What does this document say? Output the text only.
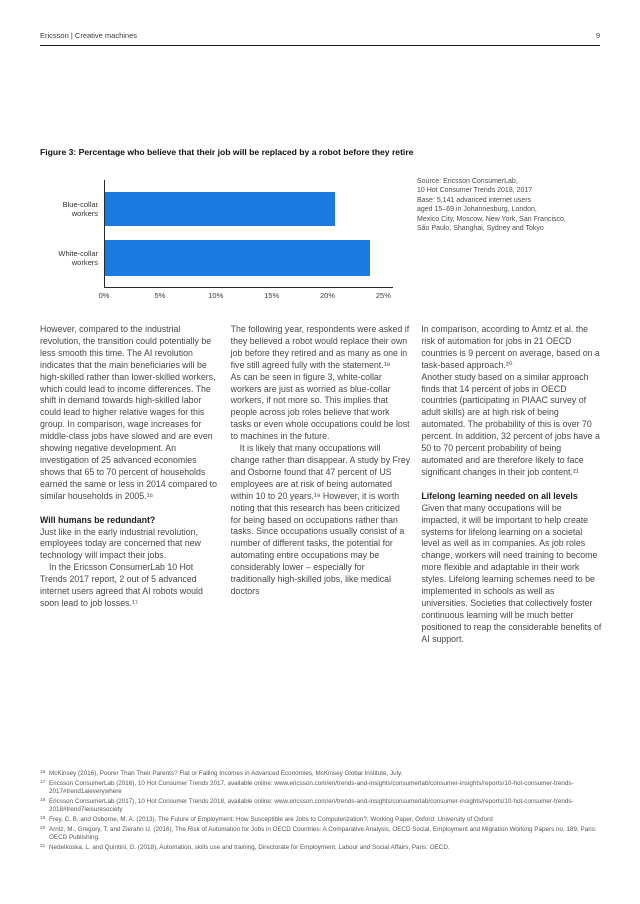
Ericsson | Creative machines	9
Figure 3: Percentage who believe that their job will be replaced by a robot before they retire
Blue-collar workers
White-collar workers
0%	5%	10%	15%	20%	25%
Source: Ericsson ConsumerLab,
10 Hot Consumer Trends 2018, 2017
Base: 5,141 advanced internet users
aged 15–69 in Johannesburg, London,
Mexico City, Moscow, New York, San Francisco,
São Paulo, Shanghai, Sydney and Tokyo

However, compared to the industrial revolution, the transition could potentially be less smooth this time. The AI revolution indicates that the main beneficiaries will be high-skilled rather than lower-skilled workers, which could lead to income differences. The shift in demand towards high-skilled labor could lead to higher relative wages for this group. In comparison, wage increases for middle-class jobs have slowed and are even showing negative development. An investigation of 25 advanced economies shows that 65 to 70 percent of households earned the same or less in 2014 compared to similar households in 2005.¹⁶

Will humans be redundant?

Just like in the early industrial revolution, employees today are concerned that new technology will impact their jobs.

In the Ericsson ConsumerLab 10 Hot Trends 2017 report, 2 out of 5 advanced internet users agreed that AI robots would soon lead to job losses.¹⁷

The following year, respondents were asked if they believed a robot would replace their own job before they retired and as many as one in five still agreed fully with the statement.¹⁸

As can be seen in figure 3, white-collar workers are just as worried as blue-collar workers, if not more so. This implies that people across job roles believe that work tasks or even whole occupations could be lost to machines in the future.

It is likely that many occupations will change rather than disappear. A study by Frey and Osborne found that 47 percent of US employees are at risk of being automated within 10 to 20 years.¹⁹ However, it is worth noting that this research has been criticized for being based on occupations rather than tasks. Since occupations usually consist of a number of different tasks, the potential for automating entire occupations may be considerably lower – especially for traditionally high-skilled jobs, like medical doctors

In comparison, according to Arntz et al. the risk of automation for jobs in 21 OECD countries is 9 percent on average, based on a task-based approach.²⁰

Another study based on a similar approach finds that 14 percent of jobs in OECD countries (participating in PIAAC survey of adult skills) are at high risk of being automated. The probability of this is over 70 percent. In addition, 32 percent of jobs have a 50 to 70 percent probability of being automated and are therefore likely to face significant changes in their job content.²¹

Lifelong learning needed on all levels

Given that many occupations will be impacted, it will be important to help create systems for lifelong learning on a societal level as well as in companies. As job roles change, workers will need training to become more flexible and adaptable in their work styles. Lifelong learning schemes need to be implemented in schools as well as universities. Societies that collectively foster continuous learning will be much better positioned to reap the considerable benefits of AI support.

16 McKinsey (2016), Poorer Than Their Parents? Flat or Falling Incomes in Advanced Economies, McKinsey Global Institute, July.
17 Ericsson ConsumerLab (2016), 10 Hot Consumer Trends 2017, available online: www.ericsson.com/en/trends-and-insights/consumerlab/consumer-insights/reports/10-hot-consumer-trends-2017#trend1aieverywhere
18 Ericsson ConsumerLab (2017), 10 Hot Consumer Trends 2018, available online: www.ericsson.com/en/trends-and-insights/consumerlab/consumer-insights/reports/10-hot-consumer-trends-2018#trend7leisuresociety
19 Frey, C. B. and Osborne, M. A. (2013), The Future of Employment: How Susceptible are Jobs to Computerization?, Working Paper, Oxford: University of Oxford
20 Arntz, M., Gregory, T. and Zierahn U. (2016), The Risk of Automation for Jobs in OECD Countries: A Comparative Analysis, OECD Social, Employment and Migration Working Papers no. 189, Paris: OECD Publishing.
21 Nedelkoska, L. and Quintini, G. (2018), Automation, skills use and training, Directorate for Employment, Labour and Social Affairs, Paris: OECD.
